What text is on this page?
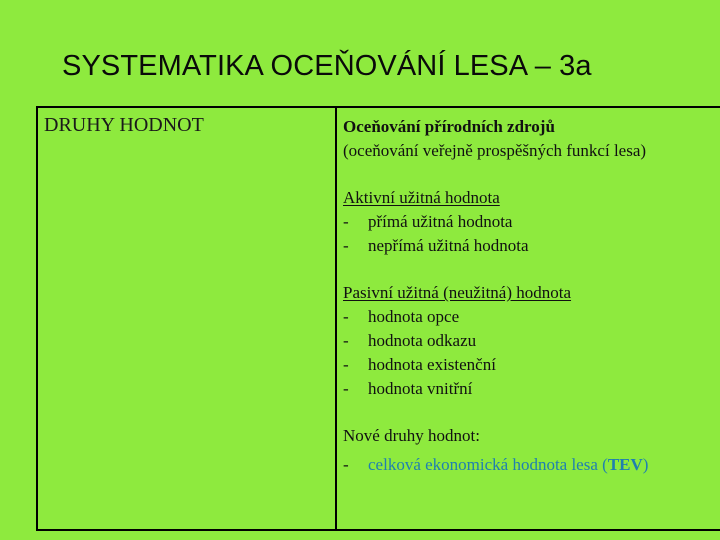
SYSTEMATIKA OCEŇOVÁNÍ LESA – 3a
DRUHY HODNOT	Oceňování přírodních zdrojů
(oceňování veřejně prospěšných funkcí lesa)
Aktivní užitná hodnota
-	přímá užitná hodnota
-	nepřímá užitná hodnota
Pasivní užitná (neužitná) hodnota
-	hodnota opce
-	hodnota odkazu
-	hodnota existenční
-	hodnota vnitřní
Nové druhy hodnot:
-	celková ekonomická hodnota lesa (TEV)
